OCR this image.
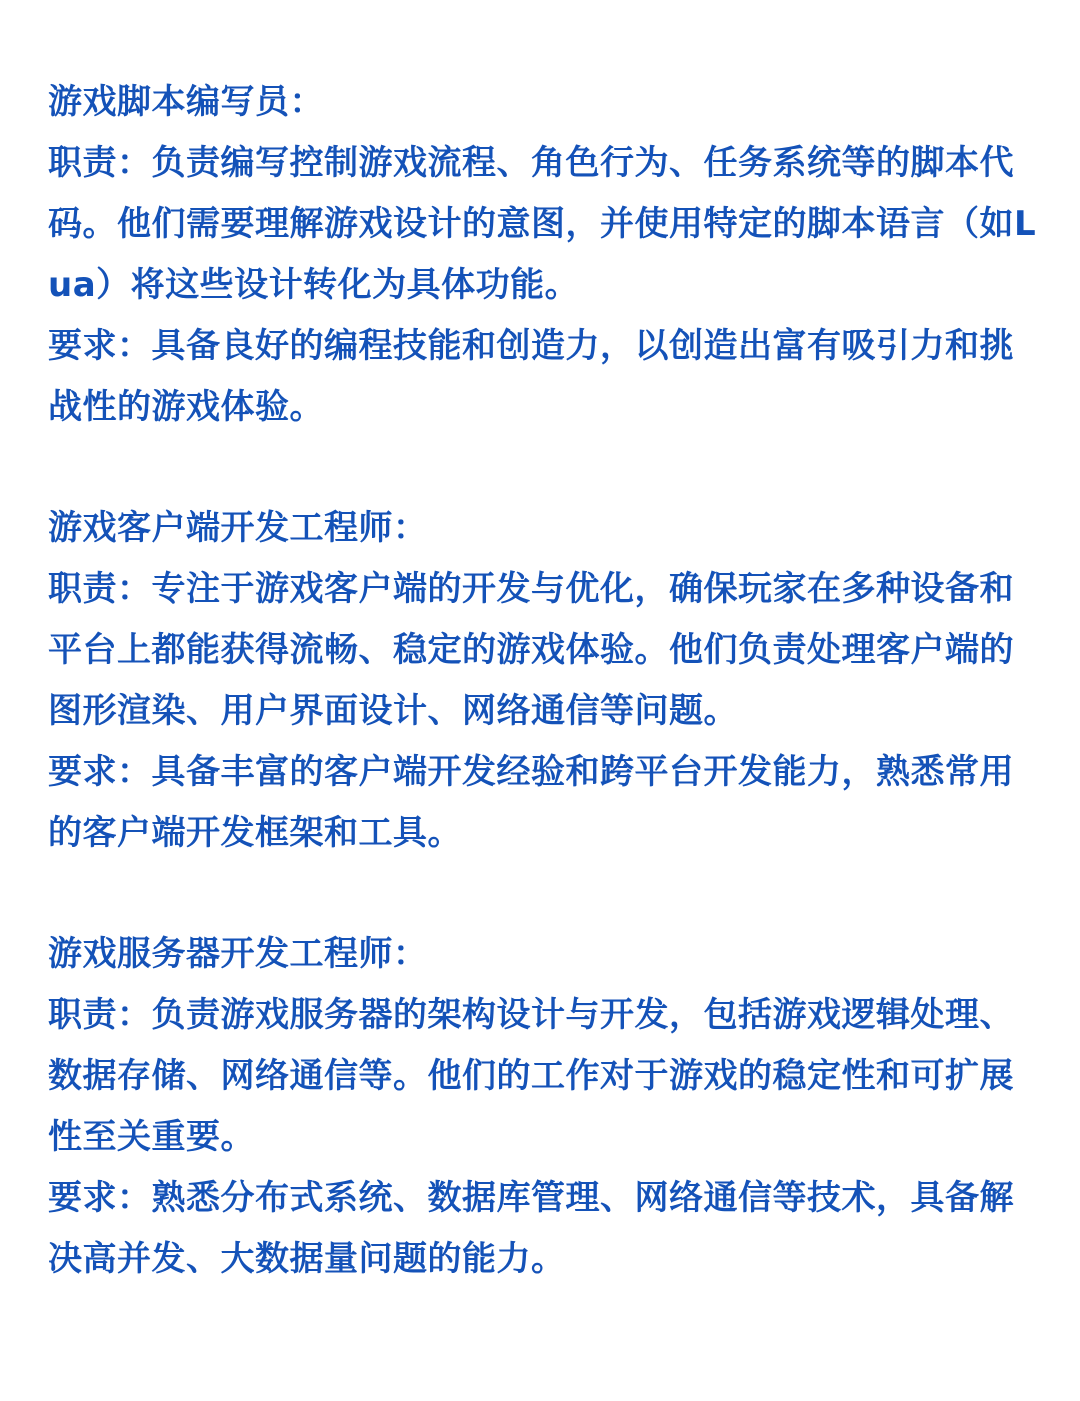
游戏脚本编写员：

职责：负责编写控制游戏流程、角色行为、任务系统等的脚本代码。他们需要理解游戏设计的意图，并使用特定的脚本语言（如Lua）将这些设计转化为具体功能。

要求：具备良好的编程技能和创造力，以创造出富有吸引力和挑战性的游戏体验。

游戏客户端开发工程师：

职责：专注于游戏客户端的开发与优化，确保玩家在多种设备和平台上都能获得流畅、稳定的游戏体验。他们负责处理客户端的图形渲染、用户界面设计、网络通信等问题。

要求：具备丰富的客户端开发经验和跨平台开发能力，熟悉常用的客户端开发框架和工具。

游戏服务器开发工程师：

职责：负责游戏服务器的架构设计与开发，包括游戏逻辑处理、数据存储、网络通信等。他们的工作对于游戏的稳定性和可扩展性至关重要。

要求：熟悉分布式系统、数据库管理、网络通信等技术，具备解决高并发、大数据量问题的能力。
